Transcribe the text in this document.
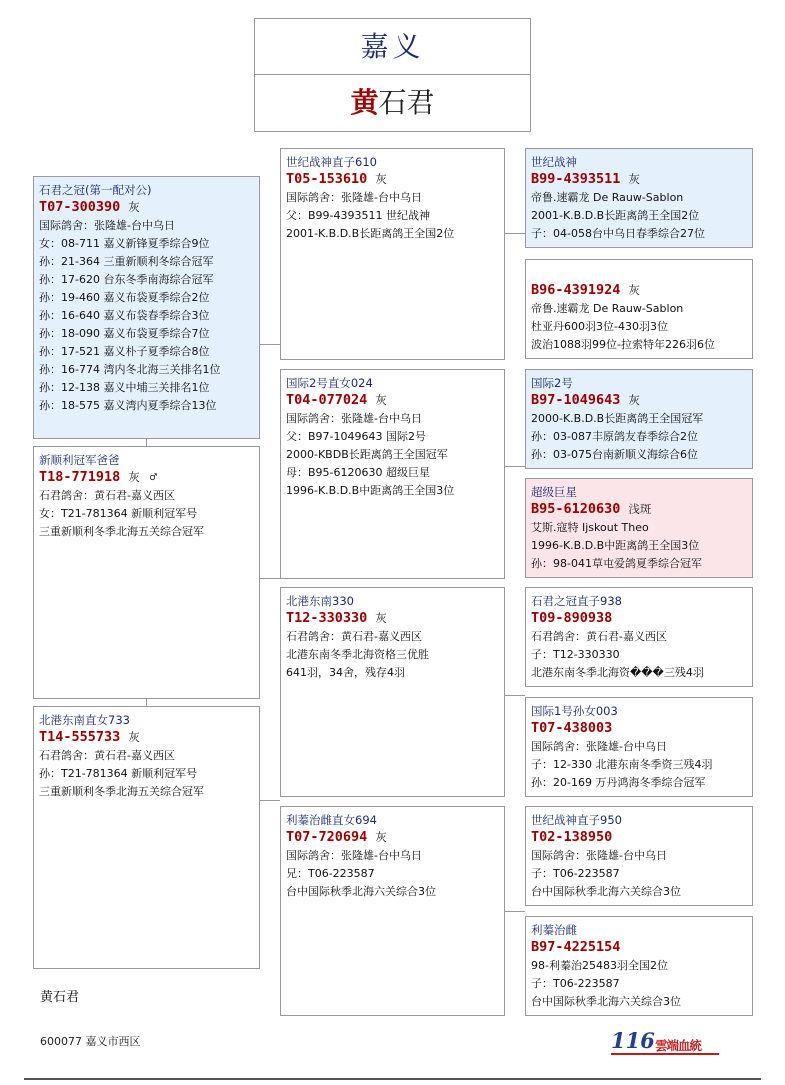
嘉义
黄石君
石君之冠(第一配对公)
T07-300390 灰
国际鸽舍：张隆雄-台中乌日
女：08-711 嘉义新锋夏季综合9位
孙：21-364 三重新顺利冬综合冠军
孙：17-620 台东冬季南海综合冠军
孙：19-460 嘉义布袋夏季综合2位
孙：16-640 嘉义布袋春季综合3位
孙：18-090 嘉义布袋夏季综合7位
孙：17-521 嘉义朴子夏季综合8位
孙：16-774 湾内冬北海三关排名1位
孙：12-138 嘉义中埔三关排名1位
孙：18-575 嘉义湾内夏季综合13位
新顺利冠军爸爸
T18-771918 灰 ♂
石君鸽舍：黄石君-嘉义西区
女：T21-781364 新顺利冠军号
三重新顺利冬季北海五关综合冠军
北港东南直女733
T14-555733 灰
石君鸽舍：黄石君-嘉义西区
孙：T21-781364 新顺利冠军号
三重新顺利冬季北海五关综合冠军
世纪战神直子610
T05-153610 灰
国际鸽舍：张隆雄-台中乌日
父：B99-4393511 世纪战神
2001-K.B.D.B长距离鸽王全国2位
国际2号直女024
T04-077024 灰
国际鸽舍：张隆雄-台中乌日
父：B97-1049643 国际2号
2000-KBDB长距离鸽王全国冠军
母：B95-6120630 超级巨星
1996-K.B.D.B中距离鸽王全国3位
北港东南330
T12-330330 灰
石君鸽舍：黄石君-嘉义西区
北港东南冬季北海资格三优胜
641羽，34舍，残存4羽
利蓁治雌直女694
T07-720694 灰
国际鸽舍：张隆雄-台中乌日
兄：T06-223587
台中国际秋季北海六关综合3位
世纪战神
B99-4393511 灰
帝鲁.速霸龙 De Rauw-Sablon
2001-K.B.D.B长距离鸽王全国2位
子：04-058台中乌日春季综合27位
B96-4391924 灰
帝鲁.速霸龙 De Rauw-Sablon
杜亚丹600羽3位-430羽3位
波治1088羽99位-拉索特年226羽6位
国际2号
B97-1049643 灰
2000-K.B.D.B长距离鸽王全国冠军
孙：03-087丰原鸽友春季综合2位
孙：03-075台南新顺义海综合6位
超级巨星
B95-6120630 浅斑
艾斯.寇特 Ijskout Theo
1996-K.B.D.B中距离鸽王全国3位
孙：98-041草屯爱鸽夏季综合冠军
石君之冠直子938
T09-890938
石君鸽舍：黄石君-嘉义西区
子：T12-330330
北港东南冬季北海资���三残4羽
国际1号孙女003
T07-438003
国际鸽舍：张隆雄-台中乌日
子：12-330 北港东南冬季资三残4羽
孙：20-169 万丹鸿海冬季综合冠军
世纪战神直子950
T02-138950
国际鸽舍：张隆雄-台中乌日
子：T06-223587
台中国际秋季北海六关综合3位
利蓁治雌
B97-4225154
98-利蓁治25483羽全国2位
子：T06-223587
台中国际秋季北海六关综合3位
黄石君
600077 嘉义市西区	116 雲端血統
